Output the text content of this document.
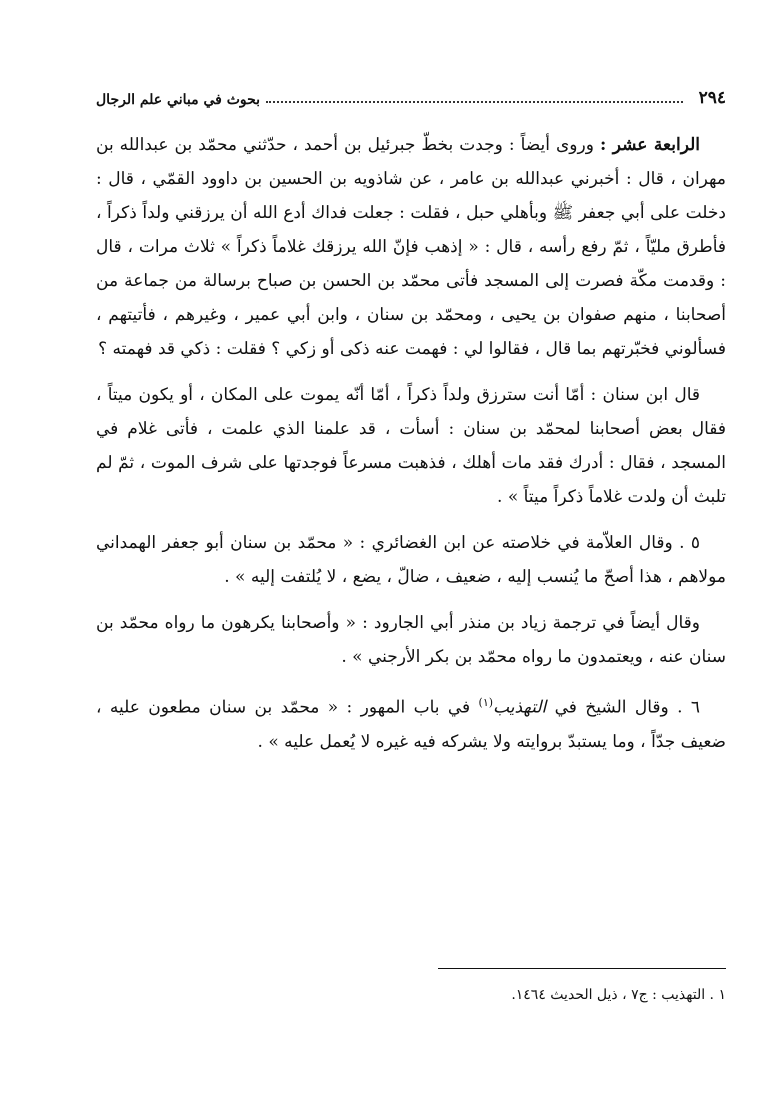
٢٩٤
بحوث في مباني علم الرجال

الرابعة عشر : وروى أيضاً : وجدت بخطّ جبرئيل بن أحمد ، حدّثني محمّد بن عبدالله بن مهران ، قال : أخبرني عبدالله بن عامر ، عن شاذويه بن الحسين بن داوود القمّي ، قال : دخلت على أبي جعفر ﷺ وبأهلي حبل ، فقلت : جعلت فداك أدع الله أن يرزقني ولداً ذكراً ، فأطرق مليّاً ، ثمّ رفع رأسه ، قال : « إذهب فإنّ الله يرزقك غلاماً ذكراً » ثلاث مرات ، قال : وقدمت مكّة فصرت إلى المسجد فأتى محمّد بن الحسن بن صباح برسالة من جماعة من أصحابنا ، منهم صفوان بن يحيى ، ومحمّد بن سنان ، وابن أبي عمير ، وغيرهم ، فأتيتهم ، فسألوني فخبّرتهم بما قال ، فقالوا لي : فهمت عنه ذكى أو زكي ؟ فقلت : ذكي قد فهمته ؟

قال ابن سنان : أمّا أنت سترزق ولداً ذكراً ، أمّا أنّه يموت على المكان ، أو يكون ميتاً ، فقال بعض أصحابنا لمحمّد بن سنان : أسأت ، قد علمنا الذي علمت ، فأتى غلام في المسجد ، فقال : أدرك فقد مات أهلك ، فذهبت مسرعاً فوجدتها على شرف الموت ، ثمّ لم تلبث أن ولدت غلاماً ذكراً ميتاً » .

٥ . وقال العلاّمة في خلاصته عن ابن الغضائري : « محمّد بن سنان أبو جعفر الهمداني مولاهم ، هذا أصحّ ما يُنسب إليه ، ضعيف ، ضالّ ، يضع ، لا يُلتفت إليه » .

وقال أيضاً في ترجمة زياد بن منذر أبي الجارود : « وأصحابنا يكرهون ما رواه محمّد بن سنان عنه ، ويعتمدون ما رواه محمّد بن بكر الأرجني » .

٦ . وقال الشيخ في التهذيب$^{(١)}$ في باب المهور : « محمّد بن سنان مطعون عليه ، ضعيف جدّاً ، وما يستبدّ بروايته ولا يشركه فيه غيره لا يُعمل عليه » .

١ . التهذيب : ج٧ ، ذيل الحديث ١٤٦٤.
